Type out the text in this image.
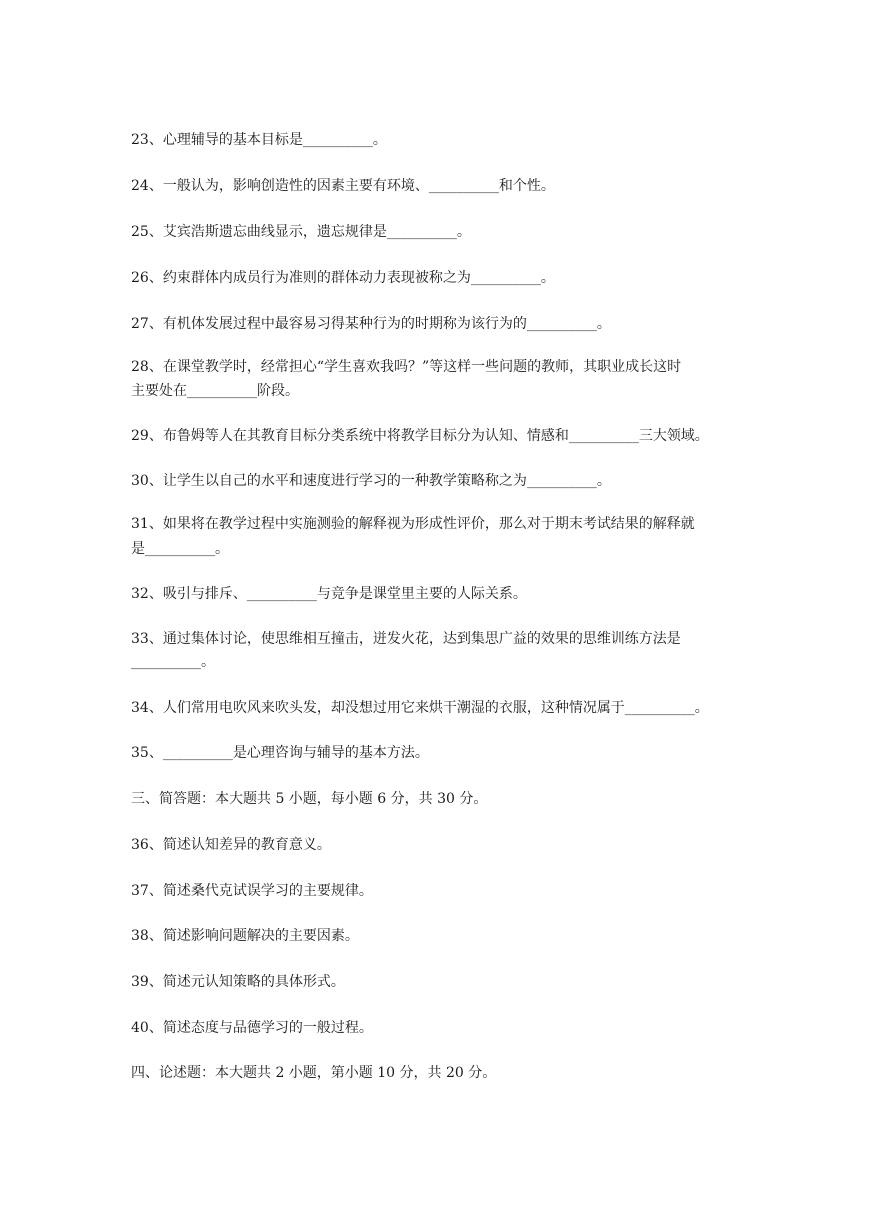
23、心理辅导的基本目标是__________。
24、一般认为，影响创造性的因素主要有环境、__________和个性。
25、艾宾浩斯遗忘曲线显示，遗忘规律是__________。
26、约束群体内成员行为准则的群体动力表现被称之为__________。
27、有机体发展过程中最容易习得某种行为的时期称为该行为的__________。
28、在课堂教学时，经常担心“学生喜欢我吗？”等这样一些问题的教师，其职业成长这时
主要处在__________阶段。
29、布鲁姆等人在其教育目标分类系统中将教学目标分为认知、情感和__________三大领域。
30、让学生以自己的水平和速度进行学习的一种教学策略称之为__________。
31、如果将在教学过程中实施测验的解释视为形成性评价，那么对于期末考试结果的解释就
是__________。
32、吸引与排斥、__________与竞争是课堂里主要的人际关系。
33、通过集体讨论，使思维相互撞击，迸发火花，达到集思广益的效果的思维训练方法是
__________。
34、人们常用电吹风来吹头发，却没想过用它来烘干潮湿的衣服，这种情况属于__________。
35、__________是心理咨询与辅导的基本方法。
三、简答题：本大题共 5 小题，每小题 6 分，共 30 分。
36、简述认知差异的教育意义。
37、简述桑代克试误学习的主要规律。
38、简述影响问题解决的主要因素。
39、简述元认知策略的具体形式。
40、简述态度与品德学习的一般过程。
四、论述题：本大题共 2 小题，第小题 10 分，共 20 分。
